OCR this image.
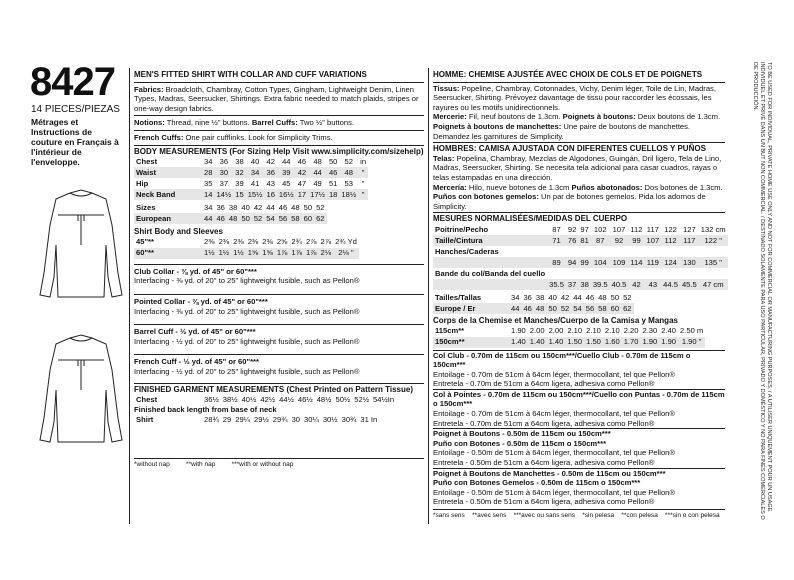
8427
14 PIECES/PIEZAS
Métrages et Instructions de couture en Français à l'intérieur de l'enveloppe.
MEN'S FITTED SHIRT WITH COLLAR AND CUFF VARIATIONS
Fabrics: Broadcloth, Chambray, Cotton Types, Gingham, Lightweight Denim, Linen Types, Madras, Seersucker, Shirtings. Extra fabric needed to match plaids, stripes or one-way design fabrics.
Notions: Thread, nine ½" buttons. Barrel Cuffs: Two ½" buttons.
French Cuffs: One pair cufflinks. Look for Simplicity Trims.
BODY MEASUREMENTS (For Sizing Help Visit www.simplicity.com/sizehelp)
Chest	34	36	38	40	42	44	46	48	50	52	in
Waist	28	30	32	34	36	39	42	44	46	48	"
Hip	35	37	39	41	43	45	47	49	51	53	"
Neck Band	14	14½	15	15½	16	16½	17	17½	18	18½	"
Sizes	34	36	38	40	42	44	46	48	50	52
European	44	46	48	50	52	54	56	58	60	62
Shirt Body and Sleeves
45"**	2⅜	2⅜	2⅜	2⅜	2⅜	2⅝	2¾	2⅞	2⅞	2¾ Yd
60"**	1½	1½	1½	1⅝	1⅝	1⅞	1⅞	1⅞	2⅛	2⅛ "
Club Collar - ⅜ yd. of 45" or 60"***
Interfacing - ⅜ yd. of 20" to 25" lightweight fusible, such as Pellon®
Pointed Collar - ⅜ yd. of 45" or 60"***
Interfacing - ⅜ yd. of 20" to 25" lightweight fusible, such as Pellon®
Barrel Cuff - ½ yd. of 45" or 60"***
Interfacing - ½ yd. of 20" to 25" lightweight fusible, such as Pellon®
French Cuff - ½ yd. of 45" or 60"***
Interfacing - ½ yd. of 20" to 25" lightweight fusible, such as Pellon®
FINISHED GARMENT MEASUREMENTS (Chest Printed on Pattern Tissue)
Chest	36½	38½	40½	42½	44½	46½	48½	50½	52½	54½In
Finished back length from base of neck
Shirt	28¾	29	29¼	29½	29¾	30	30¼	30½	30¾	31 In
*without nap	**with nap	***with or without nap
HOMME: CHEMISE AJUSTÉE AVEC CHOIX DE COLS ET DE POIGNETS
Tissus: Popeline, Chambray, Cotonnades, Vichy, Denim léger, Toile de Lin, Madras, Seersucker, Shirting. Prévoyez davantage de tissu pour raccorder les écossais, les rayures ou les motifs unidirectionnels.
Mercerie: Fil, neuf boutons de 1.3cm. Poignets à boutons: Deux boutons de 1.3cm.
Poignets à boutons de manchettes: Une paire de boutons de manchettes. Demandez les garnitures de Simplicity.
HOMBRES: CAMISA AJUSTADA CON DIFERENTES CUELLOS Y PUÑOS
Telas: Popelina, Chambray, Mezclas de Algodones, Guingán, Dril ligero, Tela de Lino, Madras, Seersucker, Shirting. Se necesita tela adicional para casar cuadros, rayas o telas estampadas en una dirección.
Mercería: Hilo, nueve botones de 1.3cm Puños abotonados: Dos botones de 1.3cm.
Puños con botones gemelos: Un par de botones gemelos. Pida los adornos de Simplicity.
MESURES NORMALISÉES/MEDIDAS DEL CUERPO
Poitrine/Pecho	87	92	97	102	107	112	117	122	127	132 cm
Taille/Cintura	71	76	81	87	92	99	107	112	117	122 "
Hanches/Caderas										
	89	94	99	104	109	114	119	124	130	135 "
Bande du col/Banda del cuello										
	35.5	37	38	39.5	40.5	42	43	44.5	45.5	47 cm
Tailles/Tallas	34	36	38	40	42	44	46	48	50	52
Europe / Er	44	46	48	50	52	54	56	58	60	62
Corps de la Chemise et Manches/Cuerpo de la Camisa y Mangas
115cm**	1.90	2.00	2.00	2.10	2.10	2.10	2.20	2.30	2.40	2.50 m
150cm**	1.40	1.40	1.40	1.50	1.50	1.60	1.70	1.90	1.90	1.90 "
Col Club - 0.70m de 115cm ou 150cm***/Cuello Club - 0.70m de 115cm o 150cm***
Entoilage - 0.70m de 51cm à 64cm léger, thermocollant, tel que Pellon®
Entretela - 0.70m de 51cm a 64cm ligera, adhesiva como Pellon®
Col à Pointes - 0.70m de 115cm ou 150cm***/Cuello con Puntas - 0.70m de 115cm o 150cm***
Entoilage - 0.70m de 51cm à 64cm léger, thermocollant, tel que Pellon®
Entretela - 0.70m de 51cm a 64cm ligera, adhesiva como Pellon®
Poignet à Boutons - 0.50m de 115cm ou 150cm***
Puño con Botones - 0.50m de 115cm o 150cm***
Entoilage - 0.50m de 51cm à 64cm léger, thermocollant, tel que Pellon®
Entretela - 0.50m de 51cm a 64cm ligera, adhesiva como Pellon®
Poignet à Boutons de Manchettes - 0.50m de 115cm ou 150cm***
Puño con Botones Gemelos - 0.50m de 115cm o 150cm***
Entoilage - 0.50m de 51cm à 64cm léger, thermocollant, tel que Pellon®
Entretela - 0.50m de 51cm a 64cm ligera, adhesiva como Pellon®
*sans sens **avec sens ***avec ou sans sens *sin pelesa **con pelesa ***sin o con pelesa
TO BE USED FOR INDIVIDUAL, PRIVATE HOME USE ONLY AND NOT FOR COMMERCIAL OR MANUFACTURING PURPOSES. / A UTILISER UNIQUEMENT POUR UN USAGE INDIVIDUEL ET PRIVÉ DANS UN BUT NON COMMERCIAL. / DESTINADO SOLAMENTE PARA USO PARTICULAR, PRIVADO Y DOMÉSTICO Y NO PARA FINES COMERCIALES O DE PRODUCCIÓN.
